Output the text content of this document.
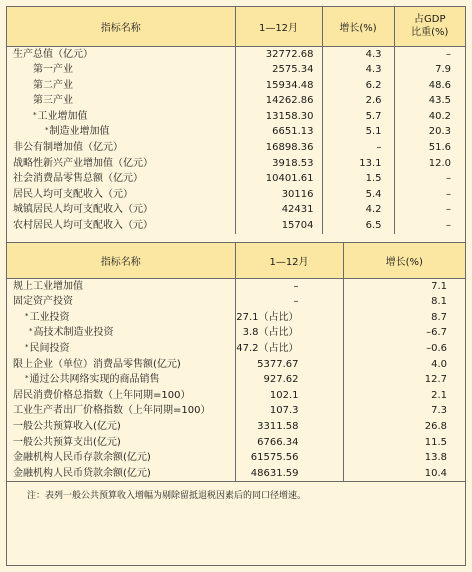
指标名称	1—12月	增长(%)	占GDP
比重(%)

生产总值（亿元）	32772.68	4.3	–
第一产业	2575.34	4.3	7.9
第二产业	15934.48	6.2	48.6
第三产业	14262.86	2.6	43.5
*工业增加值	13158.30	5.7	40.2
*制造业增加值	6651.13	5.1	20.3
非公有制增加值（亿元）	16898.36	–	51.6
战略性新兴产业增加值（亿元）	3918.53	13.1	12.0
社会消费品零售总额（亿元）	10401.61	1.5	–
居民人均可支配收入（元）	30116	5.4	–
城镇居民人均可支配收入（元）	42431	4.2	–
农村居民人均可支配收入（元）	15704	6.5	–
指标名称	1—12月	增长(%)
规上工业增加值	–	7.1
固定资产投资	–	8.1
*工业投资	27.1（占比）	8.7
*高技术制造业投资	3.8（占比）	–6.7
*民间投资	47.2（占比）	–0.6
限上企业（单位）消费品零售额(亿元)	5377.67	4.0
*通过公共网络实现的商品销售	927.62	12.7
居民消费价格总指数（上年同期=100）	102.1	2.1
工业生产者出厂价格指数（上年同期=100）	107.3	7.3
一般公共预算收入(亿元)	3311.58	26.8
一般公共预算支出(亿元)	6766.34	11.5
金融机构人民币存款余额(亿元)	61575.56	13.8
金融机构人民币贷款余额(亿元)	48631.59	10.4
注：表列一般公共预算收入增幅为剔除留抵退税因素后的同口径增速。
